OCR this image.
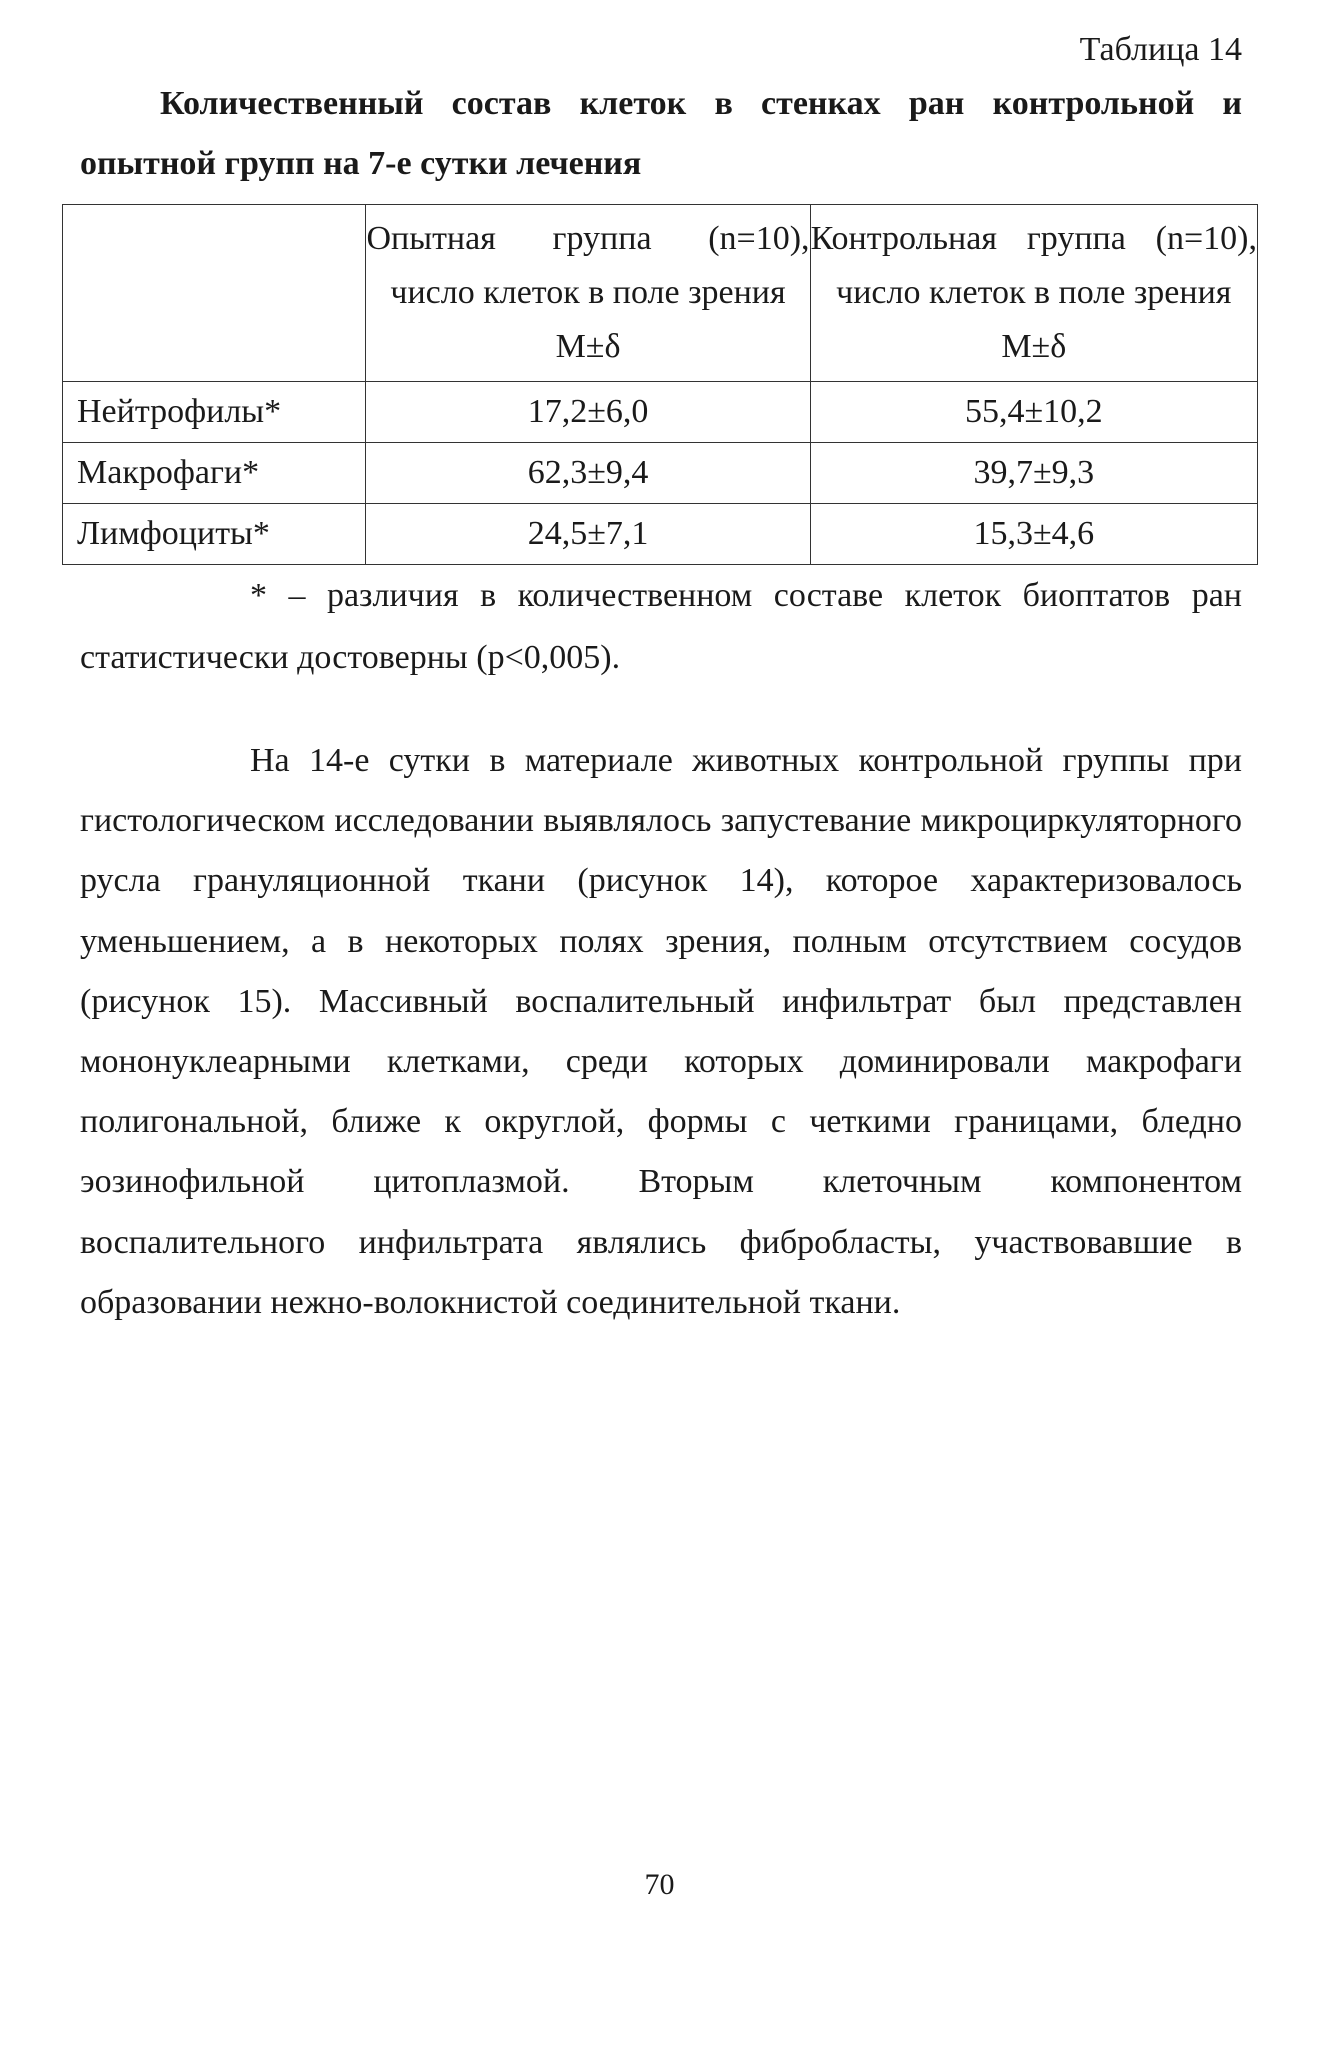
Таблица 14

Количественный состав клеток в стенках ран контрольной и
опытной групп на 7-е сутки лечения

	Опытная группа (n=10),
число клеток в поле зрения
M±δ	Контрольная группа (n=10),
число клеток в поле зрения
M±δ

Нейтрофилы*	17,2±6,0	55,4±10,2
Макрофаги*	62,3±9,4	39,7±9,3
Лимфоциты*	24,5±7,1	15,3±4,6

* – различия в количественном составе клеток биоптатов ран
статистически достоверны (p<0,005).

На 14-е сутки в материале животных контрольной группы при гистологическом исследовании выявлялось запустевание микроциркуляторного русла грануляционной ткани (рисунок 14), которое характеризовалось уменьшением, а в некоторых полях зрения, полным отсутствием сосудов (рисунок 15). Массивный воспалительный инфильтрат был представлен мононуклеарными клетками, среди которых доминировали макрофаги полигональной, ближе к округлой, формы с четкими границами, бледно эозинофильной цитоплазмой. Вторым клеточным компонентом воспалительного инфильтрата являлись фибробласты, участвовавшие в образовании нежно-волокнистой соединительной ткани.

70
